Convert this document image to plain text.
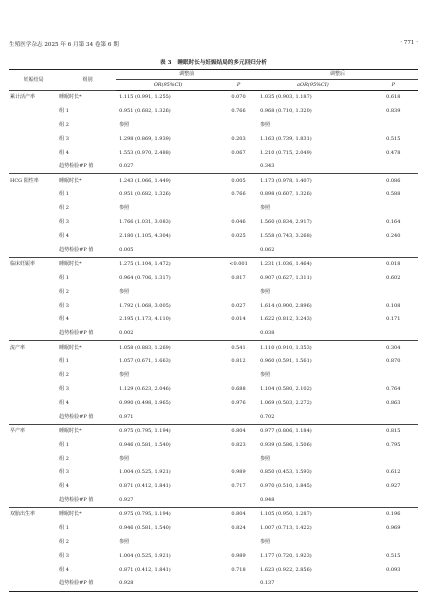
生殖医学杂志 2025 年 6 月第 34 卷第 6 期	· 771 ·
表 3 睡眠时长与妊娠结局的多元回归分析
妊娠结局	组别	调整前		调整后	
		OR(95%CI)	P	aOR(95%CI)	P
累计活产率	睡眠时长*	1.115 (0.991, 1.255)	0.070	1.035 (0.903, 1.187)	0.618
	组 1	0.951 (0.682, 1.326)	0.766	0.968 (0.710, 1.320)	0.839
	组 2	参照		参照	
	组 3	1.298 (0.869, 1.939)	0.203	1.163 (0.739, 1.831)	0.515
	组 4	1.553 (0.970, 2.488)	0.067	1.210 (0.715, 2.049)	0.478
	趋势检验#P 值	0.027		0.343	
HCG 阳性率	睡眠时长*	1.243 (1.066, 1.449)	0.005	1.173 (0.978, 1.407)	0.086
	组 1	0.951 (0.682, 1.326)	0.766	0.898 (0.607, 1.326)	0.588
	组 2	参照		参照	
	组 3	1.766 (1.031, 3.083)	0.046	1.560 (0.834, 2.917)	0.164
	组 4	2.180 (1.105, 4.304)	0.025	1.558 (0.743, 3.268)	0.240
	趋势检验#P 值	0.005		0.062	
临床妊娠率	睡眠时长*	1.275 (1.104, 1.472)	<0.001	1.231 (1.036, 1.464)	0.018
	组 1	0.964 (0.706, 1.317)	0.817	0.907 (0.627, 1.311)	0.602
	组 2	参照		参照	
	组 3	1.792 (1.068, 3.005)	0.027	1.614 (0.900, 2.896)	0.108
	组 4	2.195 (1.173, 4.110)	0.014	1.622 (0.812, 3.243)	0.171
	趋势检验#P 值	0.002		0.038	
流产率	睡眠时长*	1.058 (0.883, 1.269)	0.541	1.110 (0.910, 1.353)	0.304
	组 1	1.057 (0.671, 1.663)	0.812	0.960 (0.591, 1.561)	0.870
	组 2	参照		参照	
	组 3	1.129 (0.623, 2.046)	0.688	1.104 (0.580, 2.102)	0.764
	组 4	0.990 (0.498, 1.965)	0.976	1.069 (0.503, 2.272)	0.863
	趋势检验#P 值	0.971		0.702	
早产率	睡眠时长*	0.975 (0.795, 1.194)	0.804	0.977 (0.806, 1.184)	0.815
	组 1	0.946 (0.581, 1.540)	0.823	0.939 (0.586, 1.506)	0.795
	组 2	参照		参照	
	组 3	1.004 (0.525, 1.921)	0.989	0.850 (0.453, 1.593)	0.612
	组 4	0.871 (0.412, 1.841)	0.717	0.970 (0.510, 1.845)	0.927
	趋势检验#P 值	0.927		0.948	
双胎出生率	睡眠时长*	0.975 (0.795, 1.194)	0.804	1.105 (0.950, 1.287)	0.196
	组 1	0.946 (0.581, 1.540)	0.824	1.007 (0.713, 1.422)	0.969
	组 2	参照		参照	
	组 3	1.004 (0.525, 1.921)	0.989	1.177 (0.720, 1.923)	0.515
	组 4	0.871 (0.412, 1.841)	0.718	1.623 (0.922, 2.856)	0.093
	趋势检验#P 值	0.928		0.137	
